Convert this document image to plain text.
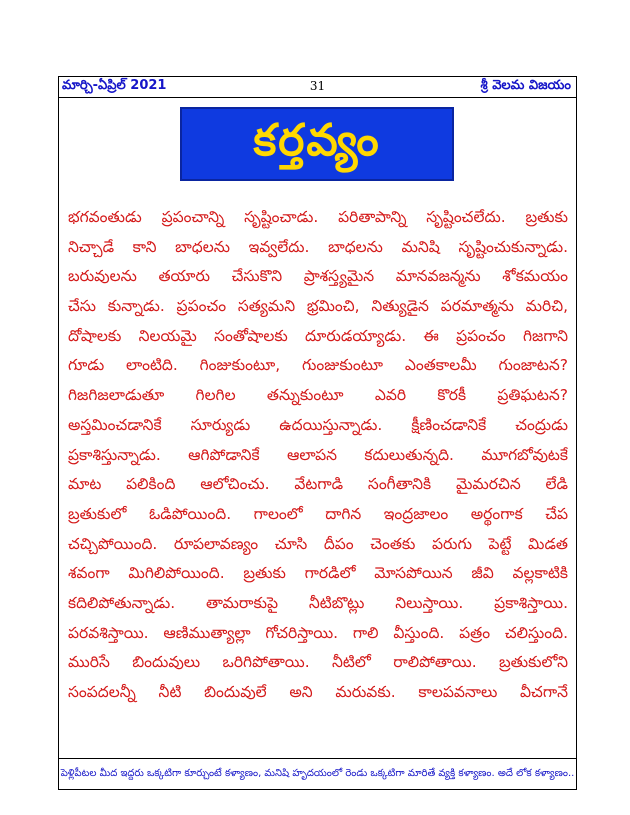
మార్చి-ఏప్రిల్ 2021	31	శ్రీ వెలమ విజయం
కర్తవ్యం
భగవంతుడు ప్రపంచాన్ని సృష్టించాడు. పరితాపాన్ని సృష్టించలేదు. బ్రతుకు
నిచ్చాడే కాని బాధలను ఇవ్వలేదు. బాధలను మనిషి సృష్టించుకున్నాడు.
బరువులను తయారు చేసుకొని ప్రాశస్త్యమైన మానవజన్మను శోకమయం
చేసు కున్నాడు. ప్రపంచం సత్యమని భ్రమించి, నిత్యుడైన పరమాత్మను మరిచి,
దోషాలకు నిలయమై సంతోషాలకు దూరుడయ్యాడు. ఈ ప్రపంచం గిజగాని
గూడు లాంటిది. గింజుకుంటూ, గుంజుకుంటూ ఎంతకాలమీ గుంజాటన?
గిజగిజలాడుతూ గిలగిల తన్నుకుంటూ ఎవరి కొరకీ ప్రతిఘటన?
అస్తమించడానికే సూర్యుడు ఉదయిస్తున్నాడు. క్షీణించడానికే చంద్రుడు
ప్రకాశిస్తున్నాడు. ఆగిపోడానికే ఆలాపన కదులుతున్నది. మూగబోవుటకే
మాట పలికింది ఆలోచించు. వేటగాడి సంగీతానికి మైమరచిన లేడి
బ్రతుకులో ఓడిపోయింది. గాలంలో దాగిన ఇంద్రజాలం అర్థంగాక చేప
చచ్చిపోయింది. రూపలావణ్యం చూసి దీపం చెంతకు పరుగు పెట్టే మిడత
శవంగా మిగిలిపోయింది. బ్రతుకు గారడిలో మోసపోయిన జీవి వల్లకాటికి
కదిలిపోతున్నాడు. తామరాకుపై నీటిబొట్లు నిలుస్తాయి. ప్రకాశిస్తాయి.
పరవశిస్తాయి. ఆణిముత్యాల్లా గోచరిస్తాయి. గాలి వీస్తుంది. పత్రం చలిస్తుంది.
మురిసే బిందువులు ఒరిగిపోతాయి. నీటిలో రాలిపోతాయి. బ్రతుకులోని
సంపదలన్నీ నీటి బిందువులే అని మరువకు. కాలపవనాలు వీచగానే
పెళ్లిపీటల మీద ఇద్దరు ఒక్కటిగా కూర్చుంటే కళ్యాణం, మనిషి హృదయంలో రెండు ఒక్కటిగా మారితే వ్యక్తి కళ్యాణం. అదే లోక కళ్యాణం..
